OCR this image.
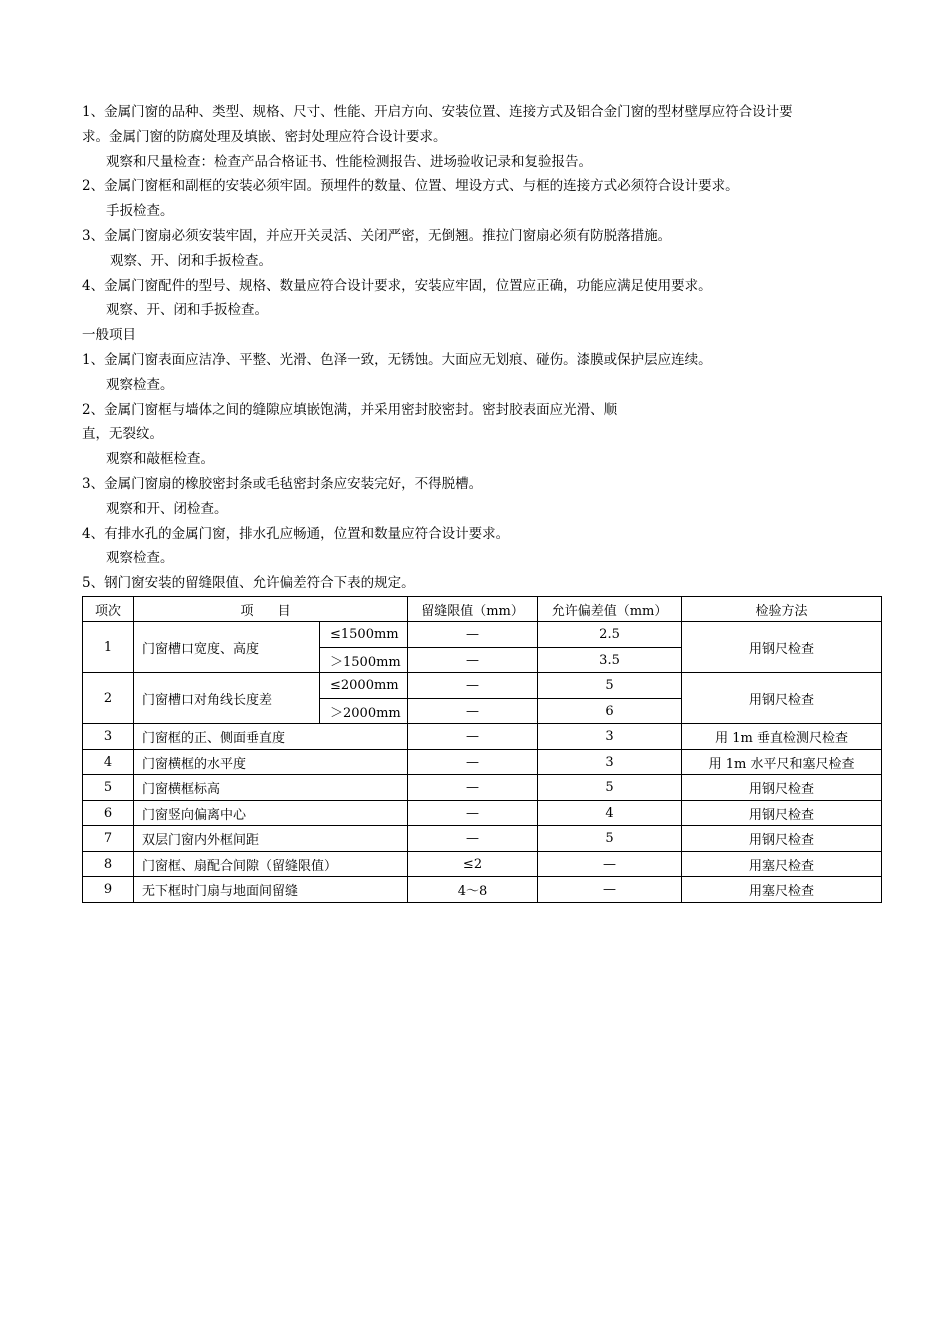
1、金属门窗的品种、类型、规格、尺寸、性能、开启方向、安装位置、连接方式及铝合金门窗的型材壁厚应符合设计要
求。金属门窗的防腐处理及填嵌、密封处理应符合设计要求。
观察和尺量检查：检查产品合格证书、性能检测报告、进场验收记录和复验报告。
2、金属门窗框和副框的安装必须牢固。预埋件的数量、位置、埋设方式、与框的连接方式必须符合设计要求。
手扳检查。
3、金属门窗扇必须安装牢固，并应开关灵活、关闭严密，无倒翘。推拉门窗扇必须有防脱落措施。
观察、开、闭和手扳检查。
4、金属门窗配件的型号、规格、数量应符合设计要求，安装应牢固，位置应正确，功能应满足使用要求。
观察、开、闭和手扳检查。
一般项目
1、金属门窗表面应洁净、平整、光滑、色泽一致，无锈蚀。大面应无划痕、碰伤。漆膜或保护层应连续。
观察检查。
2、金属门窗框与墙体之间的缝隙应填嵌饱满，并采用密封胶密封。密封胶表面应光滑、顺
直，无裂纹。
观察和敲框检查。
3、金属门窗扇的橡胶密封条或毛毡密封条应安装完好，不得脱槽。
观察和开、闭检查。
4、有排水孔的金属门窗，排水孔应畅通，位置和数量应符合设计要求。
观察检查。
5、钢门窗安装的留缝限值、允许偏差符合下表的规定。
项次	项 目		留缝限值（mm）	允许偏差值（mm）	检验方法
1	门窗槽口宽度、高度	≤1500mm	—	2.5	用钢尺检查
		＞1500mm	—	3.5	
2	门窗槽口对角线长度差	≤2000mm	—	5	用钢尺检查
		＞2000mm	—	6	
3	门窗框的正、侧面垂直度		—	3	用 1m 垂直检测尺检查
4	门窗横框的水平度		—	3	用 1m 水平尺和塞尺检查
5	门窗横框标高		—	5	用钢尺检查
6	门窗竖向偏离中心		—	4	用钢尺检查
7	双层门窗内外框间距		—	5	用钢尺检查
8	门窗框、扇配合间隙（留缝限值）		≤2	—	用塞尺检查
9	无下框时门扇与地面间留缝		4～8	—	用塞尺检查
